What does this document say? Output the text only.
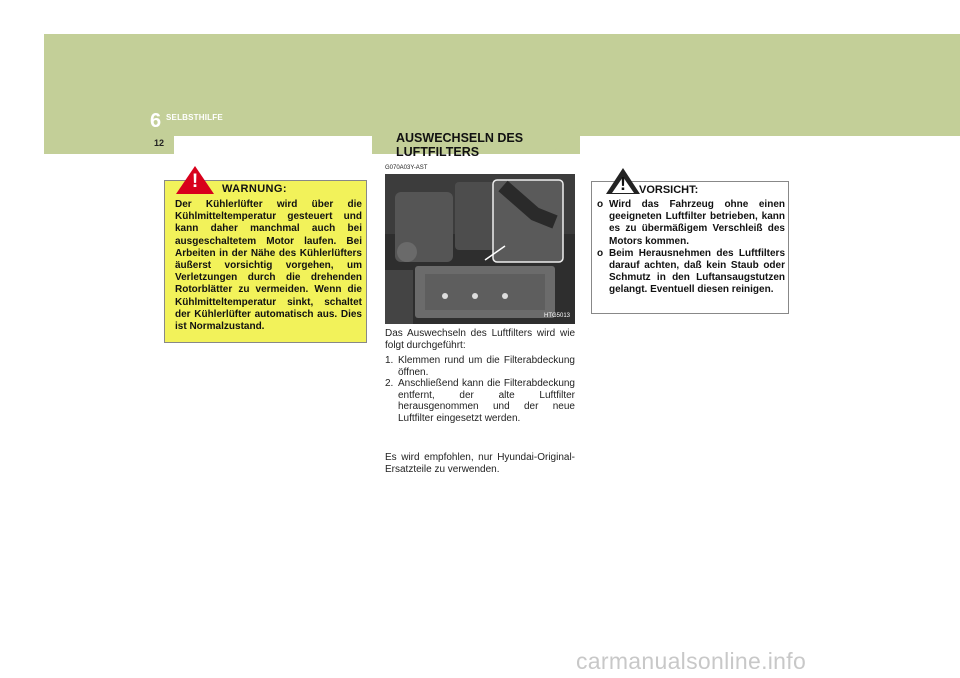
6 SELBSTHILFE
12
Der Kühlerlüfter wird über die Kühlmitteltemperatur gesteuert und kann daher manchmal auch bei ausgeschaltetem Motor laufen. Bei Arbeiten in der Nähe des Kühlerlüfters äußerst vorsichtig vorgehen, um Verletzungen durch die drehenden Rotorblätter zu vermeiden. Wenn die Kühlmitteltemperatur sinkt, schaltet der Kühlerlüfter automatisch aus. Dies ist Normalzustand.
! WARNUNG:
AUSWECHSELN DES LUFTFILTERS
G070A03Y-AST
HTG5013
Das Auswechseln des Luftfilters wird wie folgt durchgeführt:
1. Klemmen rund um die Filterabdeckung öffnen.
2. Anschließend kann die Filterabdeckung entfernt, der alte Luftfilter herausgenommen und der neue Luftfilter eingesetzt werden.
Es wird empfohlen, nur Hyundai-Original-Ersatzteile zu verwenden.
! VORSICHT:
o Wird das Fahrzeug ohne einen geeigneten Luftfilter betrieben, kann es zu übermäßigem Verschleiß des Motors kommen.
o Beim Herausnehmen des Luftfilters darauf achten, daß kein Staub oder Schmutz in den Luftansaugstutzen gelangt. Eventuell diesen reinigen.
carmanualsonline.info
